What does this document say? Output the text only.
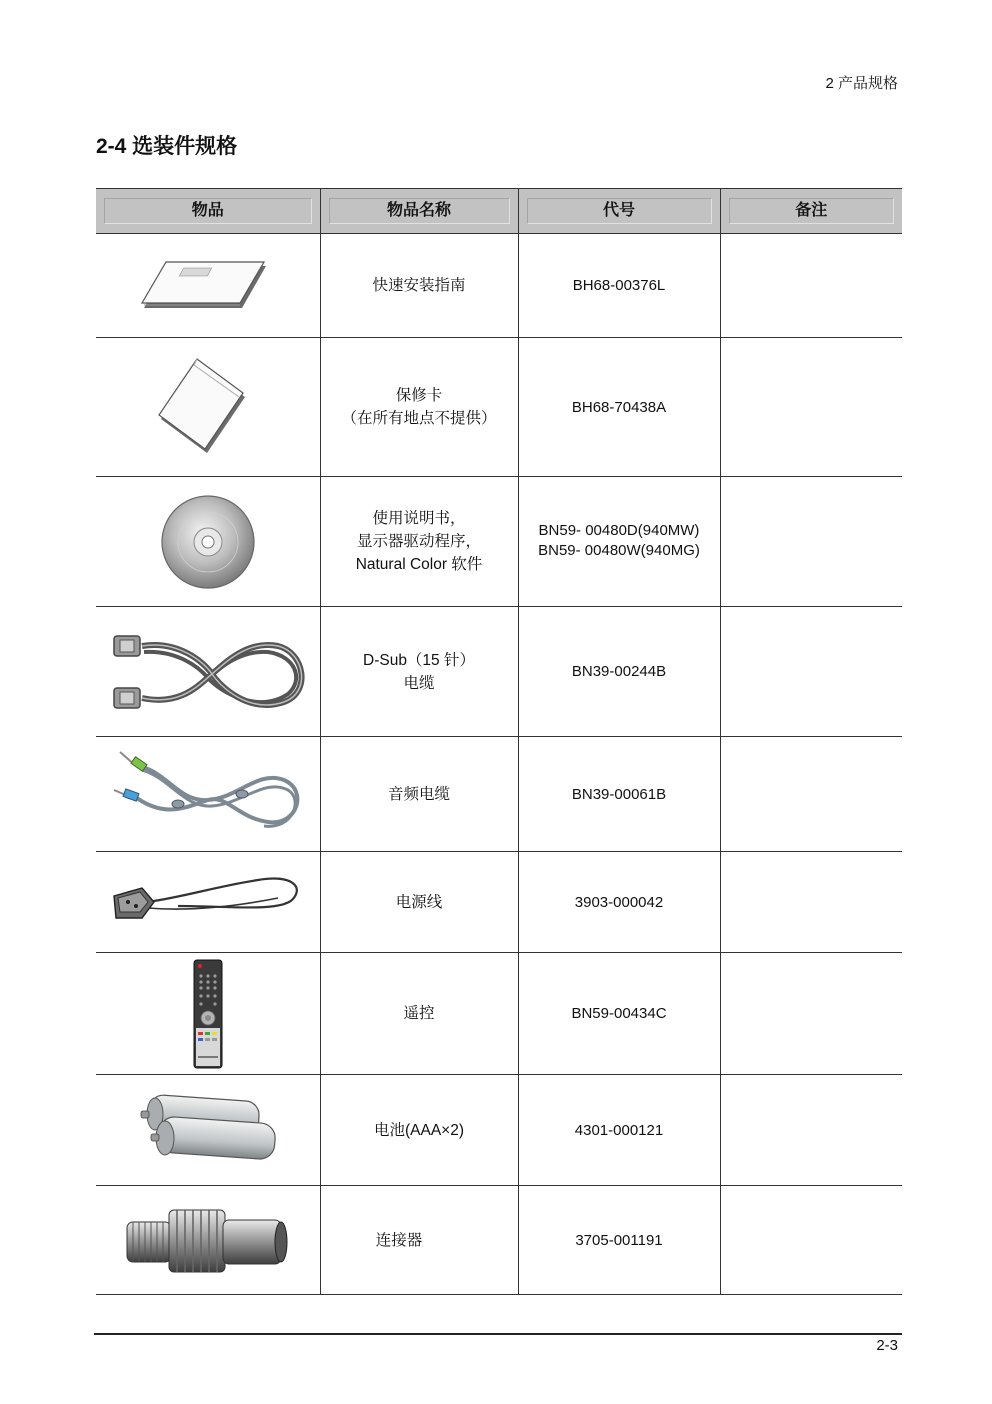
2 产品规格
2-4 选装件规格
物品	物品名称	代号	备注

	快速安装指南	BH68-00376L	

	保修卡
（在所有地点不提供）	BH68-70438A	

	使用说明书，
显示器驱动程序，
Natural Color 软件	BN59- 00480D(940MW)
BN59- 00480W(940MG)	

	D-Sub（15 针）
电缆	BN39-00244B	

	音频电缆	BN39-00061B	

	电源线	3903-000042	

	遥控	BN59-00434C	

	电池(AAA×2)	4301-000121	

	连接器	3705-001191	
2-3
